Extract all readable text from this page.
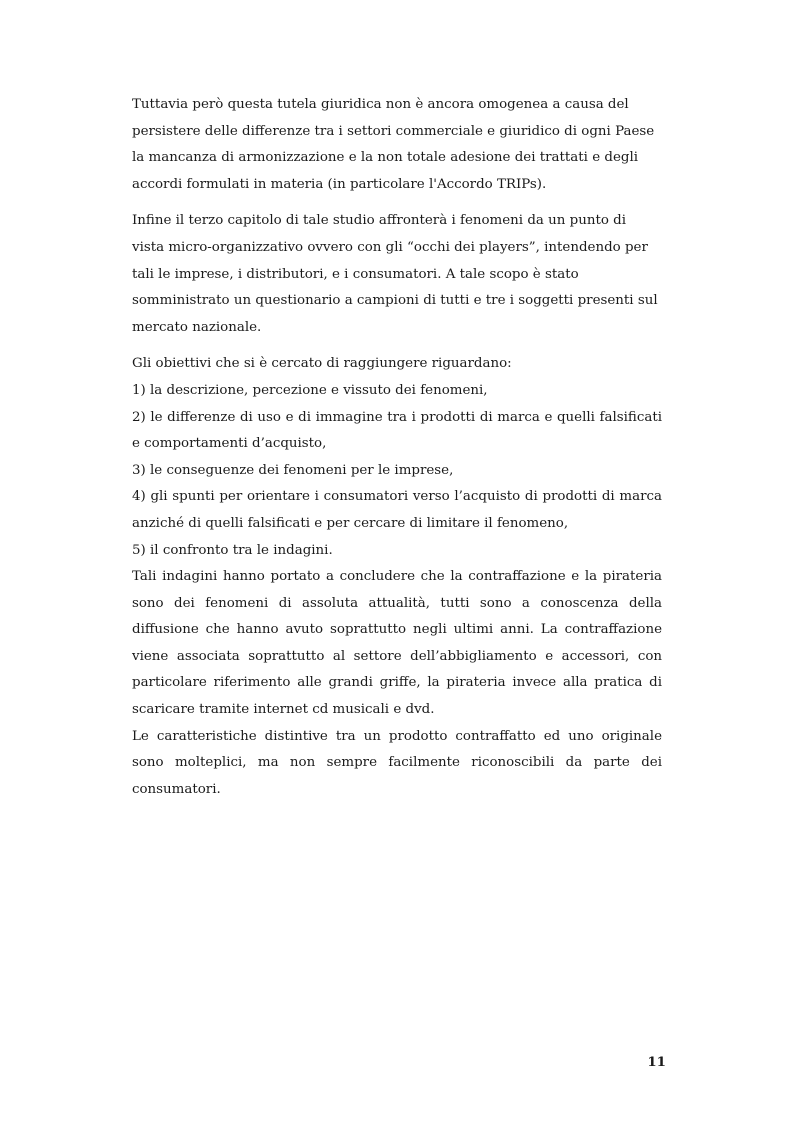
Tuttavia però questa tutela giuridica non è ancora omogenea a causa del persistere delle differenze tra i settori commerciale e giuridico di ogni Paese la mancanza di armonizzazione e la non totale adesione dei trattati e degli accordi formulati in materia (in particolare l'Accordo TRIPs).

Infine il terzo capitolo di tale studio affronterà i fenomeni da un punto di vista micro-organizzativo ovvero con gli “occhi dei players”, intendendo per tali le imprese, i distributori, e i consumatori. A tale scopo è stato somministrato un questionario a campioni di tutti e tre i soggetti presenti sul mercato nazionale.

Gli obiettivi che si è cercato di raggiungere riguardano:

1) la descrizione, percezione e vissuto dei fenomeni,

2) le differenze di uso e di immagine tra i prodotti di marca e quelli falsificati e comportamenti d’acquisto,

3) le conseguenze dei fenomeni per le imprese,

4) gli spunti per orientare i consumatori verso l’acquisto di prodotti di marca anziché di quelli falsificati e per cercare di limitare il fenomeno,

5) il confronto tra le indagini.

Tali indagini hanno portato a concludere che la contraffazione e la pirateria sono dei fenomeni di assoluta attualità, tutti sono a conoscenza della diffusione che hanno avuto soprattutto negli ultimi anni. La contraffazione viene associata soprattutto al settore dell’abbigliamento e accessori, con particolare riferimento alle grandi griffe, la pirateria invece alla pratica di scaricare tramite internet cd musicali e dvd.

Le caratteristiche distintive tra un prodotto contraffatto ed uno originale sono molteplici, ma non sempre facilmente riconoscibili da parte dei consumatori.

11
